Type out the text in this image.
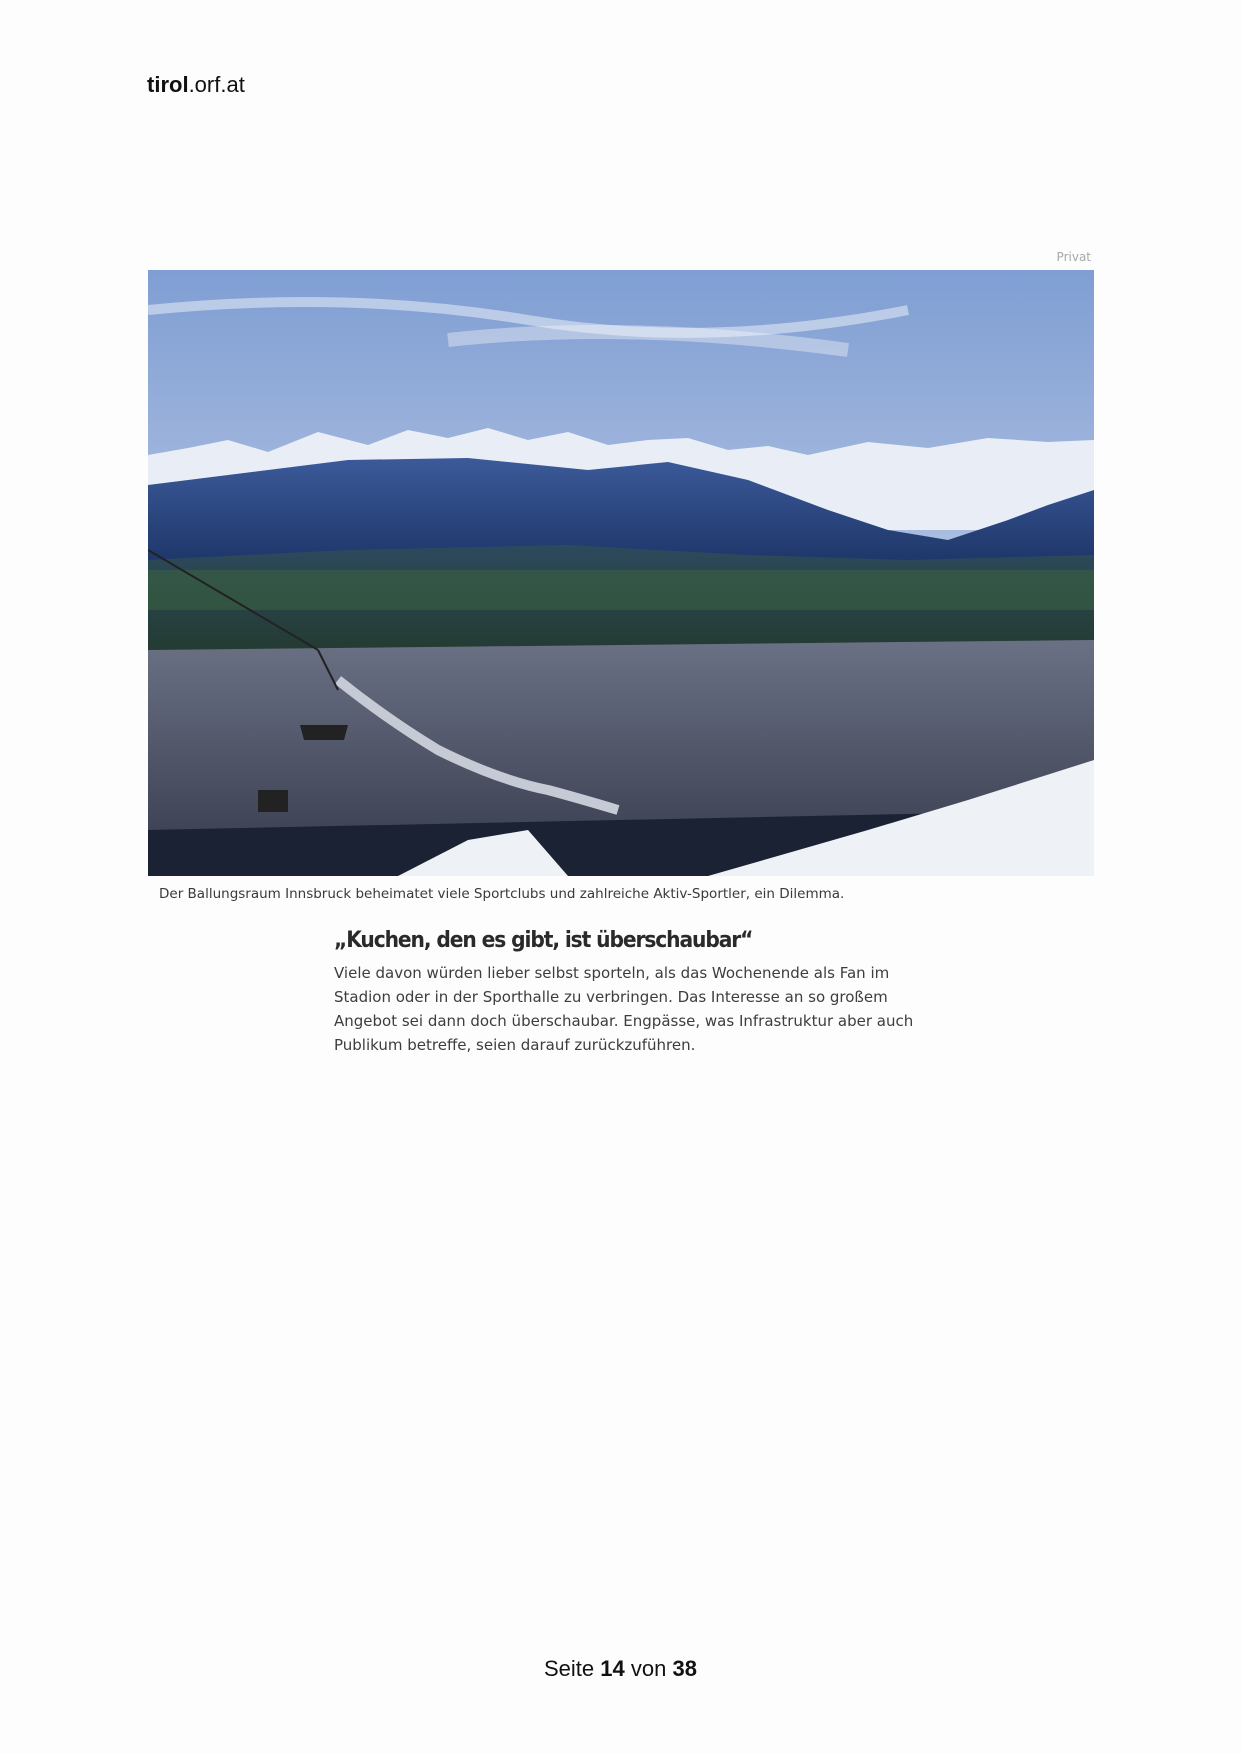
tirol.orf.at
Privat
Der Ballungsraum Innsbruck beheimatet viele Sportclubs und zahlreiche Aktiv-Sportler, ein Dilemma.
„Kuchen, den es gibt, ist überschaubar“

Viele davon würden lieber selbst sporteln, als das Wochenende als Fan im Stadion oder in der Sporthalle zu verbringen. Das Interesse an so großem Angebot sei dann doch überschaubar. Engpässe, was Infrastruktur aber auch Publikum betreffe, seien darauf zurückzuführen.

Seite 14 von 38
